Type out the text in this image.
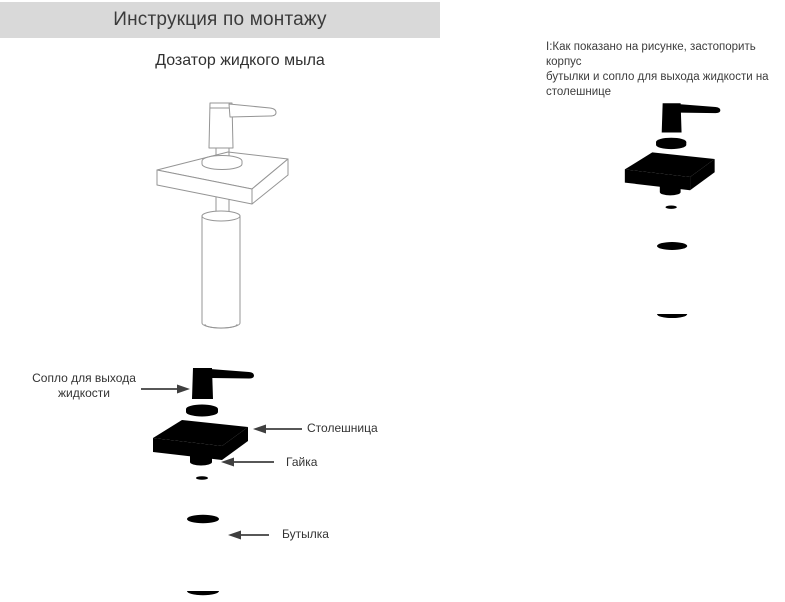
Инструкция по монтажу
Дозатор жидкого мыла
I:Как показано на рисунке, застопорить корпус
бутылки и сопло для выхода жидкости на
столешнице
Сопло для выхода жидкости
Столешница
Гайка
Бутылка
